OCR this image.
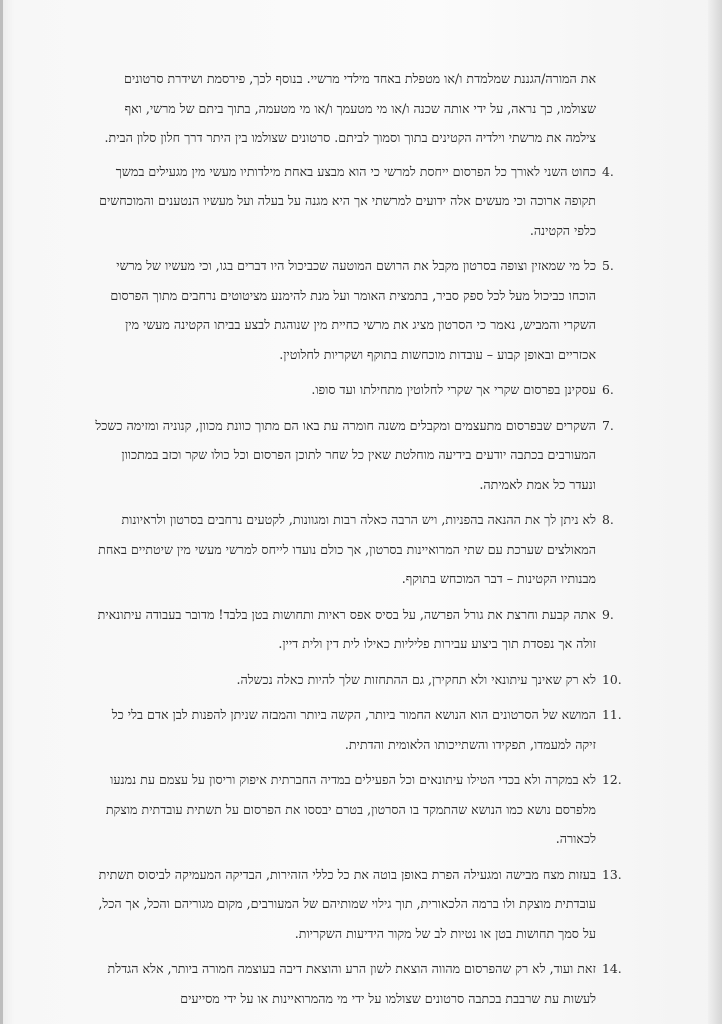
את המורה/הגננת שמלמדת ו/או מטפלת באחד מילדי מרשיי. בנוסף לכך, פירסמת ושידרת סרטונים שצולמו, כך נראה, על ידי אותה שכנה ו/או מי מטעמך ו/או מי מטעמה, בתוך ביתם של מרשי, ואף צילמה את מרשתי וילדיה הקטינים בתוך וסמוך לביתם. סרטונים שצולמו בין היתר דרך חלון סלון הבית.
4.
כחוט השני לאורך כל הפרסום ייחסת למרשי כי הוא מבצע באחת מילדותיו מעשי מין מגעילים במשך תקופה ארוכה וכי מעשים אלה ידועים למרשתי אך היא מגנה על בעלה ועל מעשיו הנטענים והמוכחשים כלפי הקטינה.
5.
כל מי שמאזין וצופה בסרטון מקבל את הרושם המוטעה שכביכול היו דברים בגו, וכי מעשיו של מרשי הוכחו כביכול מעל לכל ספק סביר, בתמצית האומר ועל מנת להימנע מציטוטים נרחבים מתוך הפרסום השקרי והמביש, נאמר כי הסרטון מציג את מרשי כחיית מין שנוהגת לבצע בביתו הקטינה מעשי מין אכזריים ובאופן קבוע – עובדות מוכחשות בתוקף ושקריות לחלוטין.
6.
עסקינן בפרסום שקרי אך שקרי לחלוטין מתחילתו ועד סופו.
7.
השקרים שבפרסום מתעצמים ומקבלים משנה חומרה עת באו הם מתוך כוונת מכוון, קנוניה ומזימה כשכל המעורבים בכתבה יודעים בידיעה מוחלטת שאין כל שחר לתוכן הפרסום וכל כולו שקר וכזב במתכוון ונעדר כל אמת לאמיתה.
8.
לא ניתן לך את ההנאה בהפניות, ויש הרבה כאלה רבות ומגוונות, לקטעים נרחבים בסרטון ולראיונות המאולצים שערכת עם שתי המרואיינות בסרטון, אך כולם נועדו לייחס למרשי מעשי מין שיטתיים באחת מבנותיו הקטינות – דבר המוכחש בתוקף.
9.
אתה קבעת וחרצת את גורל הפרשה, על בסיס אפס ראיות ותחושות בטן בלבד! מדובר בעבודה עיתונאית זולה אך נפסדת תוך ביצוע עבירות פליליות כאילו לית דין ולית דיין.
10.
לא רק שאינך עיתונאי ולא תחקירן, גם ההתחזות שלך להיות כאלה נכשלה.
11.
המושא של הסרטונים הוא הנושא החמור ביותר, הקשה ביותר והמבזה שניתן להפנות לבן אדם בלי כל זיקה למעמדו, תפקידו והשתייכותו הלאומית והדתית.
12.
לא במקרה ולא בכדי הטילו עיתונאים וכל הפעילים במדיה החברתית איפוק וריסון על עצמם עת נמנעו מלפרסם נושא כמו הנושא שהתמקד בו הסרטון, בטרם יבססו את הפרסום על תשתית עובדתית מוצקת לכאורה.
13.
בעזות מצח מבישה ומגעילה הפרת באופן בוטה את כל כללי הזהירות, הבדיקה המעמיקה לביסוס תשתית עובדתית מוצקת ולו ברמה הלכאורית, תוך גילוי שמותיהם של המעורבים, מקום מגוריהם והכל, אך הכל, על סמך תחושות בטן או נטיות לב של מקור הידיעות השקריות.
14.
זאת ועוד, לא רק שהפרסום מהווה הוצאת לשון הרע והוצאת דיבה בעוצמה חמורה ביותר, אלא הגדלת לעשות עת שרבבת בכתבה סרטונים שצולמו על ידי מי מהמרואיינות או על ידי מסייעים
